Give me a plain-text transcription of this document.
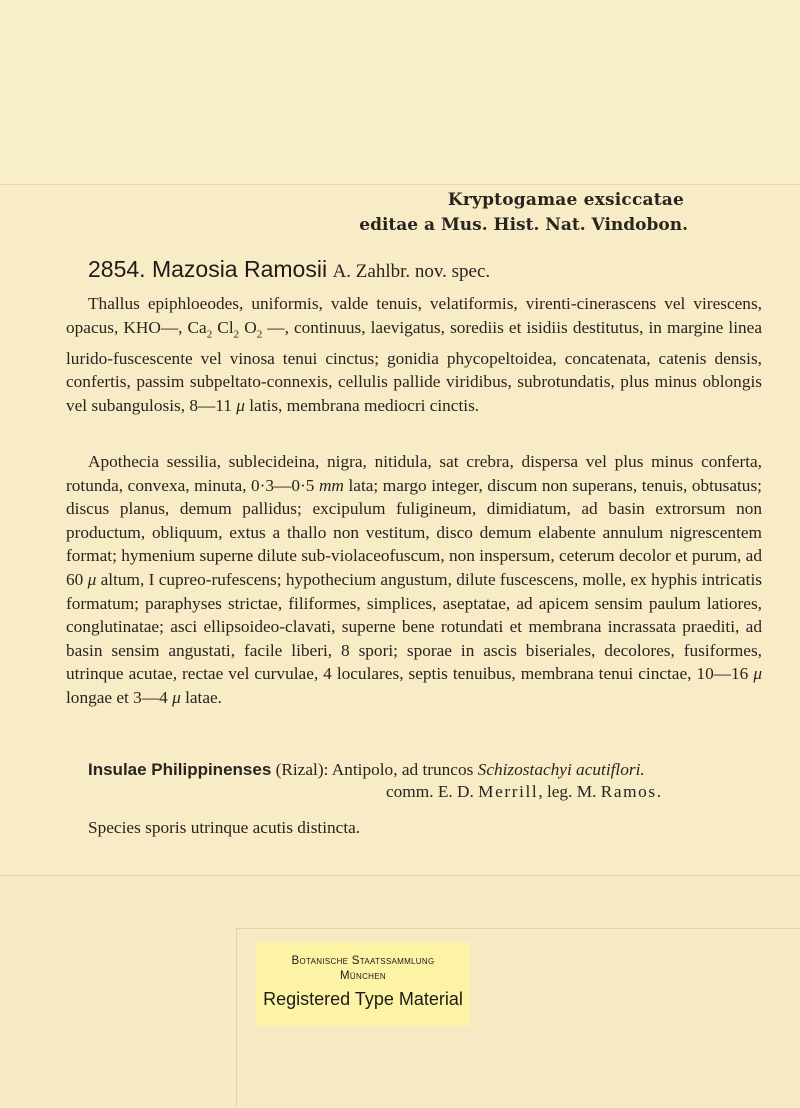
Kryptogamae exsiccatae
editae a Mus. Hist. Nat. Vindobon.
2854. Mazosia Ramosii A. Zahlbr. nov. spec.

Thallus epiphloeodes, uniformis, valde tenuis, velatiformis, virenti-cinerascens vel virescens, opacus, KHO—, $Ca_2$ $Cl_2$ $O_2$ —, continuus, laevigatus, sorediis et isidiis destitutus, in margine linea lurido-fuscescente vel vinosa tenui cinctus; gonidia phycopeltoidea, concatenata, catenis densis, confertis, passim subpeltato-connexis, cellulis pallide viridibus, subrotundatis, plus minus oblongis vel subangulosis, 8—11 μ latis, membrana mediocri cinctis.

Apothecia sessilia, sublecideina, nigra, nitidula, sat crebra, dispersa vel plus minus conferta, rotunda, convexa, minuta, 0·3—0·5 mm lata; margo integer, discum non superans, tenuis, obtusatus; discus planus, demum pallidus; excipulum fuligineum, dimidiatum, ad basin extrorsum non productum, obliquum, extus a thallo non vestitum, disco demum elabente annulum nigrescentem format; hymenium superne dilute sub-violaceofuscum, non inspersum, ceterum decolor et purum, ad 60 μ altum, I cupreo-rufescens; hypothecium angustum, dilute fuscescens, molle, ex hyphis intricatis formatum; paraphyses strictae, filiformes, simplices, aseptatae, ad apicem sensim paulum latiores, conglutinatae; asci ellipsoideo-clavati, superne bene rotundati et membrana incrassata praediti, ad basin sensim angustati, facile liberi, 8 spori; sporae in ascis biseriales, decolores, fusiformes, utrinque acutae, rectae vel curvulae, 4 loculares, septis tenuibus, membrana tenui cinctae, 10—16 μ longae et 3—4 μ latae.

Insulae Philippinenses (Rizal): Antipolo, ad truncos Schizostachyi acutiflori.
comm. E. D. Merrill, leg. M. Ramos.
Species sporis utrinque acutis distincta.
Botanische Staatssammlung
München
Registered Type Material
